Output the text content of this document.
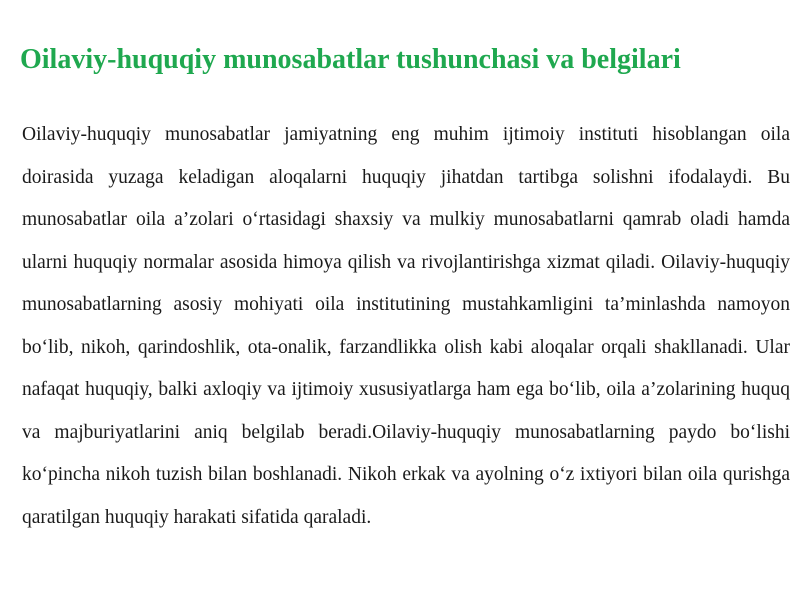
Oilaviy-huquqiy munosabatlar tushunchasi va belgilari

Oilaviy-huquqiy munosabatlar jamiyatning eng muhim ijtimoiy instituti hisoblangan oila doirasida yuzaga keladigan aloqalarni huquqiy jihatdan tartibga solishni ifodalaydi. Bu munosabatlar oila a’zolari o‘rtasidagi shaxsiy va mulkiy munosabatlarni qamrab oladi hamda ularni huquqiy normalar asosida himoya qilish va rivojlantirishga xizmat qiladi. Oilaviy-huquqiy munosabatlarning asosiy mohiyati oila institutining mustahkamligini ta’minlashda namoyon bo‘lib, nikoh, qarindoshlik, ota-onalik, farzandlikka olish kabi aloqalar orqali shakllanadi. Ular nafaqat huquqiy, balki axloqiy va ijtimoiy xususiyatlarga ham ega bo‘lib, oila a’zolarining huquq va majburiyatlarini aniq belgilab beradi.Oilaviy-huquqiy munosabatlarning paydo bo‘lishi ko‘pincha nikoh tuzish bilan boshlanadi. Nikoh erkak va ayolning o‘z ixtiyori bilan oila qurishga qaratilgan huquqiy harakati sifatida qaraladi.
